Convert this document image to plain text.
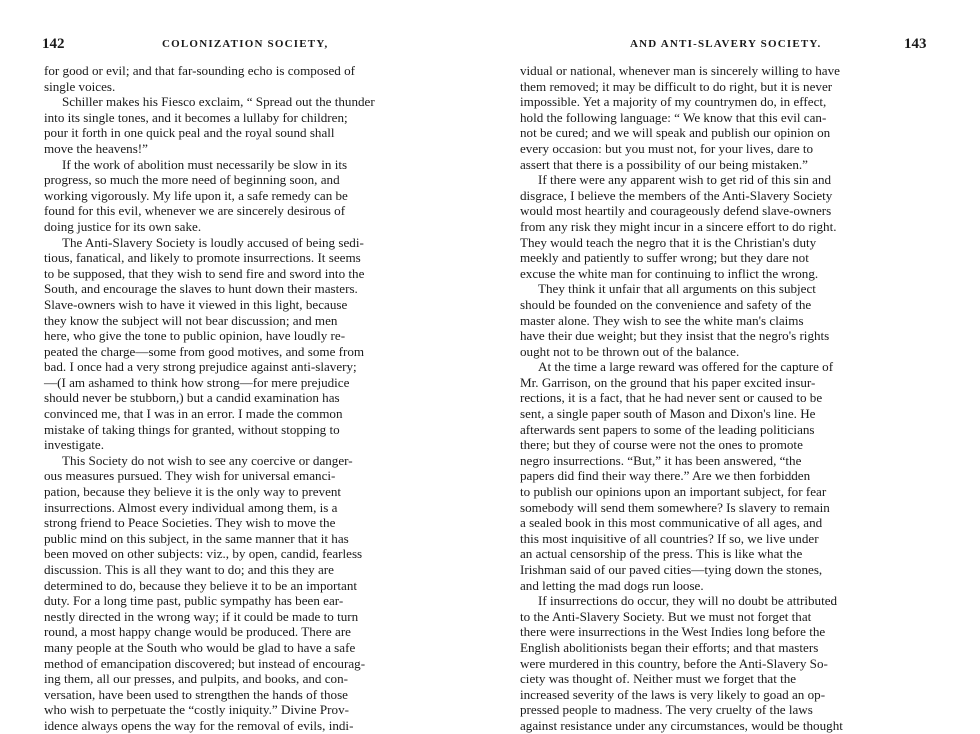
142	COLONIZATION SOCIETY,
for good or evil; and that far-sounding echo is composed of
single voices.
Schiller makes his Fiesco exclaim, “ Spread out the thunder
into its single tones, and it becomes a lullaby for children;
pour it forth in one quick peal and the royal sound shall
move the heavens!”
If the work of abolition must necessarily be slow in its
progress, so much the more need of beginning soon, and
working vigorously. My life upon it, a safe remedy can be
found for this evil, whenever we are sincerely desirous of
doing justice for its own sake.
The Anti-Slavery Society is loudly accused of being sedi-
tious, fanatical, and likely to promote insurrections. It seems
to be supposed, that they wish to send fire and sword into the
South, and encourage the slaves to hunt down their masters.
Slave-owners wish to have it viewed in this light, because
they know the subject will not bear discussion; and men
here, who give the tone to public opinion, have loudly re-
peated the charge—some from good motives, and some from
bad. I once had a very strong prejudice against anti-slavery;
—(I am ashamed to think how strong—for mere prejudice
should never be stubborn,) but a candid examination has
convinced me, that I was in an error. I made the common
mistake of taking things for granted, without stopping to
investigate.
This Society do not wish to see any coercive or danger-
ous measures pursued. They wish for universal emanci-
pation, because they believe it is the only way to prevent
insurrections. Almost every individual among them, is a
strong friend to Peace Societies. They wish to move the
public mind on this subject, in the same manner that it has
been moved on other subjects: viz., by open, candid, fearless
discussion. This is all they want to do; and this they are
determined to do, because they believe it to be an important
duty. For a long time past, public sympathy has been ear-
nestly directed in the wrong way; if it could be made to turn
round, a most happy change would be produced. There are
many people at the South who would be glad to have a safe
method of emancipation discovered; but instead of encourag-
ing them, all our presses, and pulpits, and books, and con-
versation, have been used to strengthen the hands of those
who wish to perpetuate the “costly iniquity.” Divine Prov-
idence always opens the way for the removal of evils, indi-
AND ANTI-SLAVERY SOCIETY.	143
vidual or national, whenever man is sincerely willing to have
them removed; it may be difficult to do right, but it is never
impossible. Yet a majority of my countrymen do, in effect,
hold the following language: “ We know that this evil can-
not be cured; and we will speak and publish our opinion on
every occasion: but you must not, for your lives, dare to
assert that there is a possibility of our being mistaken.”
If there were any apparent wish to get rid of this sin and
disgrace, I believe the members of the Anti-Slavery Society
would most heartily and courageously defend slave-owners
from any risk they might incur in a sincere effort to do right.
They would teach the negro that it is the Christian's duty
meekly and patiently to suffer wrong; but they dare not
excuse the white man for continuing to inflict the wrong.
They think it unfair that all arguments on this subject
should be founded on the convenience and safety of the
master alone. They wish to see the white man's claims
have their due weight; but they insist that the negro's rights
ought not to be thrown out of the balance.
At the time a large reward was offered for the capture of
Mr. Garrison, on the ground that his paper excited insur-
rections, it is a fact, that he had never sent or caused to be
sent, a single paper south of Mason and Dixon's line. He
afterwards sent papers to some of the leading politicians
there; but they of course were not the ones to promote
negro insurrections. “But,” it has been answered, “the
papers did find their way there.” Are we then forbidden
to publish our opinions upon an important subject, for fear
somebody will send them somewhere? Is slavery to remain
a sealed book in this most communicative of all ages, and
this most inquisitive of all countries? If so, we live under
an actual censorship of the press. This is like what the
Irishman said of our paved cities—tying down the stones,
and letting the mad dogs run loose.
If insurrections do occur, they will no doubt be attributed
to the Anti-Slavery Society. But we must not forget that
there were insurrections in the West Indies long before the
English abolitionists began their efforts; and that masters
were murdered in this country, before the Anti-Slavery So-
ciety was thought of. Neither must we forget that the
increased severity of the laws is very likely to goad an op-
pressed people to madness. The very cruelty of the laws
against resistance under any circumstances, would be thought
